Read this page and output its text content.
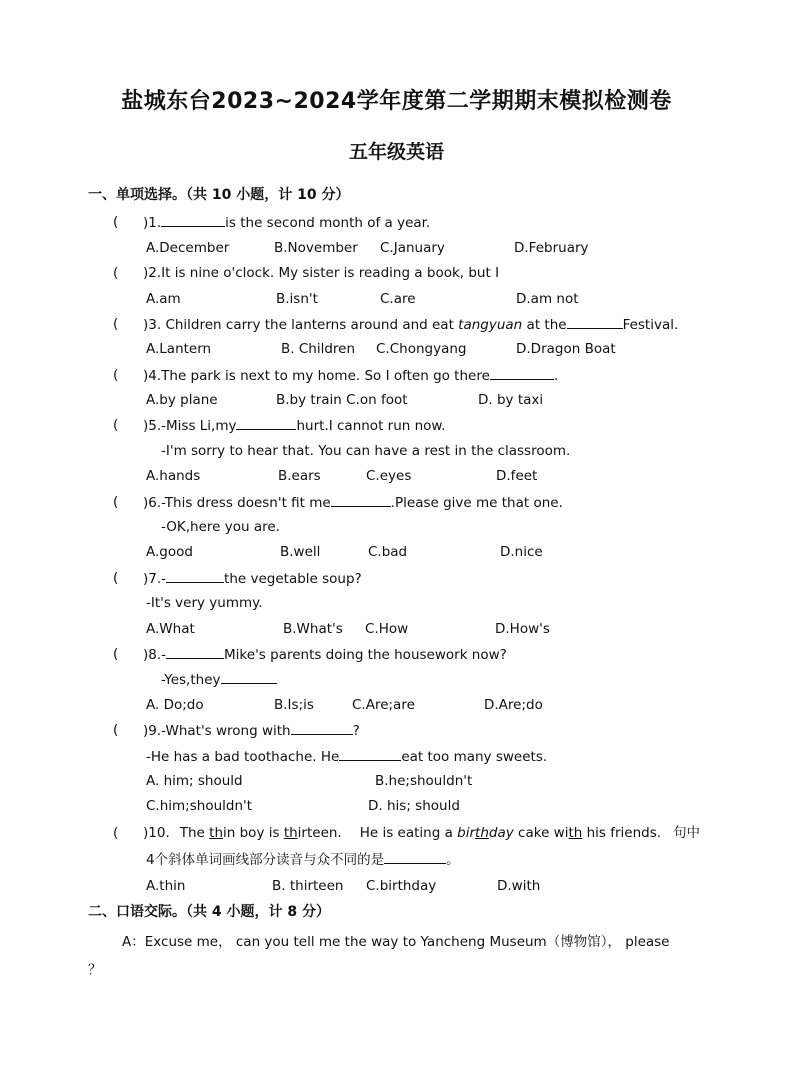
盐城东台2023~2024学年度第二学期期末模拟检测卷
五年级英语
一、单项选择。（共 10 小题，计 10 分）
( )1.	is the second month of a year.
A.December	B.November C.January	D.February
( )2.It is nine o'clock. My sister is reading a book, but I
A.am	B.isn't	C.are	D.am not
( )3. Children carry the lanterns around and eat tangyuan at the	Festival.
A.Lantern	B. Children C.Chongyang	D.Dragon Boat
( )4.The park is next to my home. So I often go there	.
A.by plane	B.by train C.on foot	D. by taxi
( )5.-Miss Li,my	hurt.I cannot run now.
-I'm sorry to hear that. You can have a rest in the classroom.
A.hands	B.ears	C.eyes	D.feet
( )6.-This dress doesn't fit me	.Please give me that one.
-OK,here you are.
A.good	B.well	C.bad	D.nice
( )7.-	the vegetable soup?
-It's very yummy.
A.What	B.What's C.How	D.How's
( )8.-	Mike's parents doing the housework now?
-Yes,they
A. Do;do	B.Is;is	C.Are;are	D.Are;do
( )9.-What's wrong with	?
-He has a bad toothache. He	eat too many sweets.
A. him; should	B.he;shouldn't
C.him;shouldn't	D. his; should
( )10. The thin boy is thirteen. He is eating a birthday cake with his friends. 句中
4个斜体单词画线部分读音与众不同的是	。
A.thin	B. thirteen C.birthday	D.with
二、口语交际。（共 4 小题，计 8 分）
A：Excuse me， can you tell me the way to Yancheng Museum（博物馆）， please
？
